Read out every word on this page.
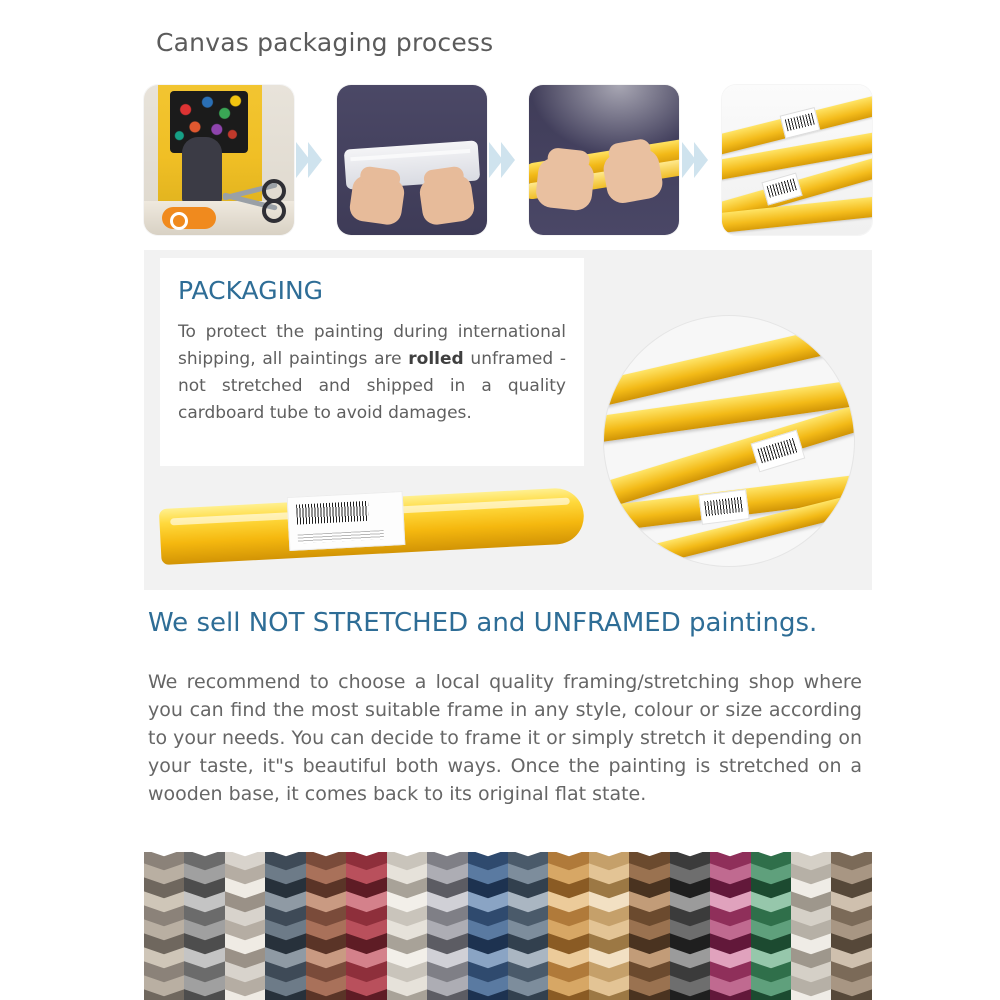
Canvas packaging process
PACKAGING
To protect the painting during international shipping, all paintings are rolled unframed - not stretched and shipped in a quality cardboard tube to avoid damages.
We sell NOT STRETCHED and UNFRAMED paintings.
We recommend to choose a local quality framing/stretching shop where you can find the most suitable frame in any style, colour or size according to your needs. You can decide to frame it or simply stretch it depending on your taste, it"s beautiful both ways. Once the painting is stretched on a wooden base, it comes back to its original flat state.
